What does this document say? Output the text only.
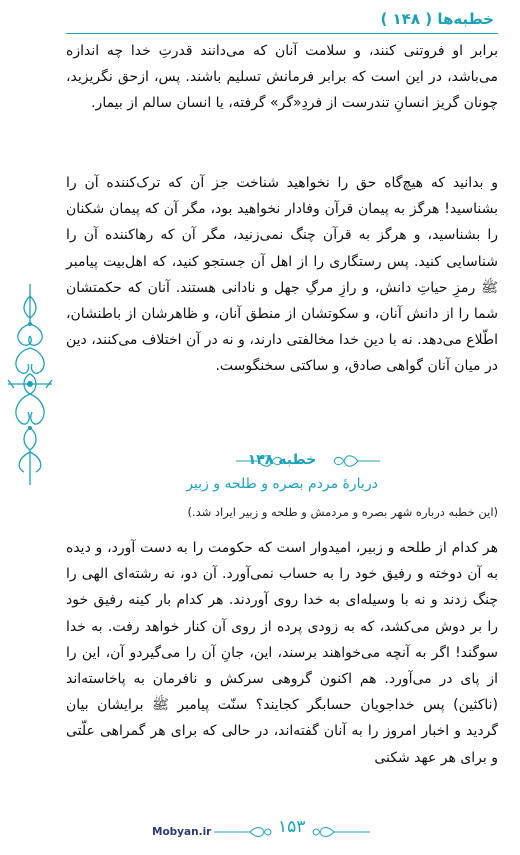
خطبه‌ها ( ۱۴۸ )

برابر او فروتنی کنند، و سلامت آنان که می‌دانند قدرتِ خدا چه اندازه می‌باشد، در این است که برابر فرمانش تسلیم باشند. پس، ازحق نگریزید، چونان گریز انسانِ تندرست از فردِ«گر» گرفته، یا انسان سالم از بیمار.

و بدانید که هیچ‌گاه حق را نخواهید شناخت جز آن که ترک‌کننده آن را بشناسید! هرگز به پیمان قرآن وفادار نخواهید بود، مگر آن که پیمان شکنان را بشناسید، و هرگز به قرآن چنگ نمی‌زنید، مگر آن که رهاکننده آن را شناسایی کنید. پس رستگاری را از اهل آن جستجو کنید، که اهل‌بیت پیامبر ﷺ رمزِ حیاتِ دانش، و رازِ مرگِ جهل و نادانی هستند. آنان که حکمتشان شما را از دانش آنان، و سکوتشان از منطق آنان، و ظاهرشان از باطنشان، اطّلاع می‌دهد. نه با دین خدا مخالفتی دارند، و نه در آن اختلاف می‌کنند، دین در میان آنان گواهی صادق، و ساکتی سخنگوست.

خطبه ۱۴۸
دربارۀ مردم بصره و طلحه و زبیر
(این خطبه درباره شهر بصره و مردمش و طلحه و زبیر ایراد شد.)

هر کدام از طلحه و زبیر، امیدوار است که حکومت را به دست آورد، و دیده به آن دوخته و رفیق خود را به حساب نمی‌آورد. آن دو، نه رشته‌ای الهی را چنگ زدند و نه با وسیله‌ای به خدا روی آوردند. هر کدام بار کینه رفیق خود را بر دوش می‌کشد، که به زودی پرده از روی آن کنار خواهد رفت. به خدا سوگند! اگر به آنچه می‌خواهند برسند، این، جانِ آن را می‌گیردو آن، این را از پای در می‌آورد. هم اکنون گروهی سرکش و نافرمان به پاخاسته‌اند (ناکثین) پس خداجویان حسابگر کجایند؟ سنّت پیامبر ﷺ برایشان بیان گردید و اخبار امروز را به آنان گفته‌اند، در حالی که برای هر گمراهی علّتی و برای هر عهد شکنی

Mobyan.ir	۱۵۳
